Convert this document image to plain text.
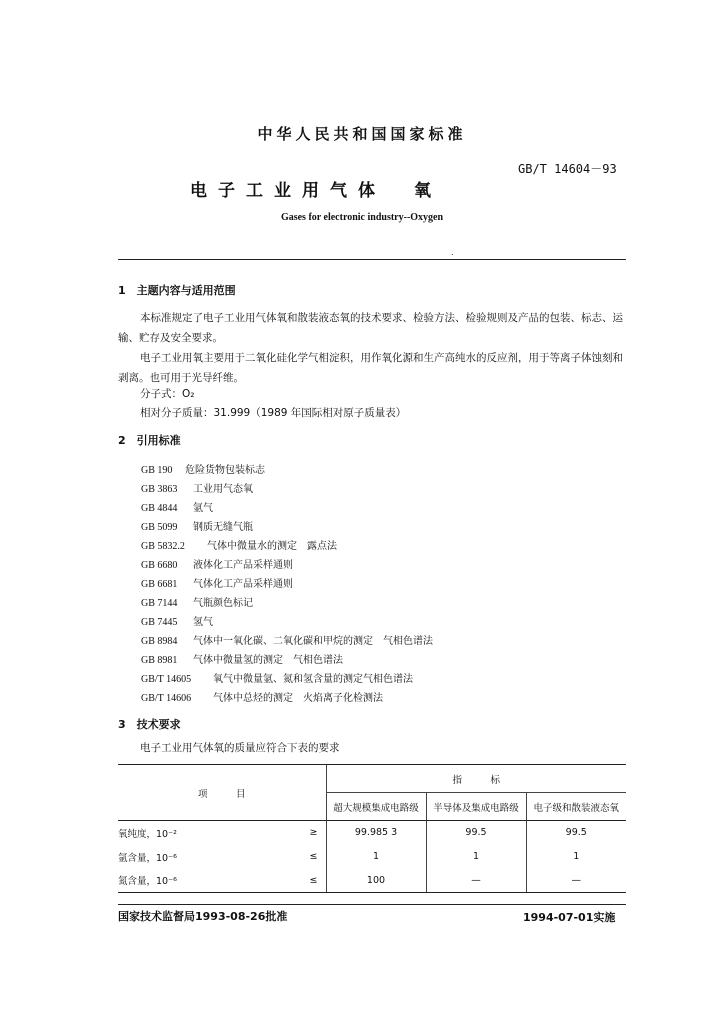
中华人民共和国国家标准
GB/T 14604－93
电子工业用气体　氧
Gases for electronic industry--Oxygen
.
1　主题内容与适用范围
本标准规定了电子工业用气体氧和散装液态氧的技术要求、检验方法、检验规则及产品的包装、标志、运输、贮存及安全要求。
电子工业用氧主要用于二氧化硅化学气相淀积，用作氧化源和生产高纯水的反应剂，用于等离子体蚀刻和剥离。也可用于光导纤维。
分子式：O₂
相对分子质量：31.999（1989 年国际相对原子质量表）
2　引用标准
GB 190 危险货物包装标志
GB 3863 工业用气态氧
GB 4844 氩气
GB 5099 钢质无缝气瓶
GB 5832.2 气体中微量水的测定　露点法
GB 6680 液体化工产品采样通则
GB 6681 气体化工产品采样通则
GB 7144 气瓶颜色标记
GB 7445 氢气
GB 8984 气体中一氧化碳、二氧化碳和甲烷的测定　气相色谱法
GB 8981 气体中微量氢的测定　气相色谱法
GB/T 14605 氧气中微量氩、氮和氢含量的测定气相色谱法
GB/T 14606 气体中总烃的测定　火焰离子化检测法
3　技术要求
电子工业用气体氧的质量应符合下表的要求
项　　　目		指　　　标		
		超大规模集成电路级	半导体及集成电路级	电子级和散装液态氧
氧纯度，10⁻²	≥	99.985 3	99.5	99.5
氩含量，10⁻⁶	≤	1	1	1
氮含量，10⁻⁶	≤	100	—	—
国家技术监督局1993-08-26批准	1994-07-01实施
